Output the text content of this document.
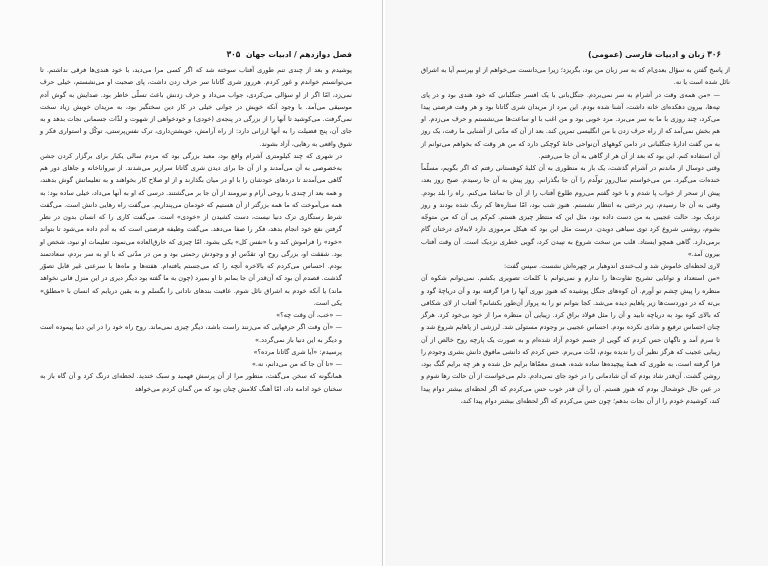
فصل دوازدهم / ادبیات جهان ۳۰۵

پوشیدم و بعد از چندی تنم طوری آفتاب سوخته شد که اگر کسی مرا می‌دید، با خود هندی‌ها فرقی نداشتم. تا می‌توانستم خواندم و غور کردم. هرروز شری گاتانا سر حرف زدن داشت، پای صحبت او می‌نشستم، خیلی حرف نمی‌زد، امّا اگر از او سؤالی می‌کردی، جواب می‌داد و حرف زدنش باعث تسلّی خاطر بود. صدایش به گوش آدم موسیقی می‌آمد. با وجود آنکه خویش در جوانی خیلی در کار دین سختگیر بود، به مریدان خویش زیاد سخت نمی‌گرفت. می‌کوشید تا آنها را از بزرگی در پنجه‌ی (خودی) و خودخواهی از شهوت و لذّات جسمانی نجات بدهد و به جای آن، پنج فضیلت را به آنها ارزانی دارد: از راه آرامش، خویشتن‌داری، ترک نفس‌پرستی، توکّل و استواری فکر و شوق واقعی به رهایی، آزاد بشوند.

در شهری که چند کیلومتری آشرام واقع بود، معبد بزرگی بود که مردم سالی یکبار برای برگزار کردن جشن به‌خصوصی به آن می‌آمدند و از آن جا برای دیدن شری گاتانا سرازیر می‌شدند. از نیروانا‌خانه و جاهای دور هم گاهی می‌آمدند تا دردهای خودشان را با او در میان بگذارند و از او صلاح کار بخواهند و به تعلیماتش گوش بدهند، و همه بعد از چندی با روحی آرام و نیرومند از آن جا بر می‌گشتند. درسی که او به آنها می‌داد، خیلی ساده بود: به همه می‌آموخت که ما همه بزرگتر از آن هستیم که خودمان می‌پنداریم. می‌گفت راه رهایی دانش است. می‌گفت شرط رستگاری ترک دنیا نیست، دست کشیدن از «خودی» است. می‌گفت کاری را که انسان بدون در نظر گرفتن نفع خود انجام بدهد، فکر را صفا می‌دهد. می‌گفت وظیفه فرصتی است که به آدم داده می‌شود تا بتواند «خود» را فراموش کند و با «نفس کل» یکی بشود. امّا چیزی که خارق‌العاده می‌نمود، تعلیمات او نبود، شخص او بود. شفقت او، بزرگی روح او، تقدّس او و وجودش رحمتی بود و من در مدّتی که با او به سر بردم، سعادتمند بودم. احساس می‌کردم که بالاخره آنچه را که می‌جستم یافته‌ام. هفته‌ها و ماه‌ها با سرعتی غیر قابل تصوّر گذشت. قصدم آن بود که آن‌قدر آن جا بمانم تا او بمیرد (چون به ما گفته بود دیگر دیری در این منزل فانی نخواهد ماند) یا آنکه خودم به اشراق نائل شوم. عاقبت بندهای نادانی را بگسلم و به یقین دریابم که انسان با «مطلق» یکی است.

— «خب، آن وقت چه؟»

— «آن وقت اگر حرفهایی که می‌زنند راست باشد، دیگر چیزی نمی‌ماند. روح راه خود را در این دنیا پیموده است و دیگر به این دنیا باز نمی‌گردد.»

پرسیدم: «آیا شری گاتانا مرده؟»

— «تا آن جا که من می‌دانم، نه.»

همانگونه که سخن می‌گفت، منظور مرا از آن پرسش فهمید و سبک خندید. لحظه‌ای درنگ کرد و آن گاه باز به سخنان خود ادامه داد، امّا آهنگ کلامش چنان بود که من گمان کردم می‌خواهد

۳۰۶ زبان و ادبیات فارسی (عمومی)

از پاسخ گفتن به سؤال بعدی‌ام که به سر زبان من بود، بگریزد؛ زیرا می‌دانست می‌خواهم از او بپرسم آیا به اشراق نائل شده است یا نه.

— «من همه‌ی وقت در آشرام به سر نمی‌بردم. جنگل‌بانی با یک افسر جنگلبانی که خود هندی بود و در پای تپه‌ها، بیرون دهکده‌ای خانه داشت، آشنا شده بودم. این مرد از مریدان شری گاتانا بود و هر وقت فرصتی پیدا می‌کرد، چند روزی با ما به سر می‌برد. مرد خوبی بود و من اغب با او ساعت‌ها می‌نشستم و حرف می‌زدم. او هم بخش نمی‌آمد که از راه حرف زدن با من انگلیسی تمرین کند. بعد از آن که مدّتی از آشنایی ما رفت، یک روز به من گفت ادارهٔ جنگلبانی در دامن کوههای آن‌نواحی خانهٔ کوچکی دارد که من هر وقت که بخواهم می‌توانم از آن استفاده کنم. این بود که بعد از آن هر از گاهی به آن جا می‌رفتم.

وقتی دوسال از ماندنم در آشرام گذشت، یک بار به منظوری به آن کلبهٔ کوهستانی رفتم که اگر بگویم، مسلّماً خنده‌ات می‌گیرد. من می‌خواستم سال‌روز تولّدم را آن جا بگذرانم. روز پیش به آن جا رسیدم. صبح روز بعد، پیش از سحر از خواب پا شدم و با خود گفتم می‌روم طلوع آفتاب را از آن جا تماشا می‌کنم. راه را بلد بودم. وقتی به آن جا رسیدم، زیر درختی به انتظار نشستم. هنوز شب بود، امّا ستاره‌ها کم رنگ شده بودند و روز نزدیک بود. حالت عجیبی به من دست داده بود، مثل این که منتظر چیزی هستم. کم‌کم پی آن که من متوجّه بشوم، روشنی شروع کرد توی سیاهی دویدن. درست مثل این بود که هیکل مرموزی دارد لابه‌لای درختان گام برمی‌دارد. گاهی همچو ایستاد. قلب من سخت شروع به تپیدن کرد، گویی خطری نزدیک است. آن وقت آفتاب بیرون آمد.»

لاری لحظه‌ای خاموش شد و لب‌خندی اندوهبار بر چهره‌اش نشست. سپس گفت:

«من استعداد و توانایی تشریح تفاوت‌ها را ندارم و نمی‌توانم با کلمات تصویری بکشم. نمی‌توانم شکوه آن منظره را پیش چشم تو آورم. آن کوه‌های جنگل پوشیده که هنوز نوری آنها را فرا گرفته بود و آن دریاچهٔ گود و بی‌ته که در دوردست‌ها زیر پاهایم دیده می‌شد. کجا بتوانم تو را به پرواز آن‌طور بکشانم؟ آفتاب از لای شکافی که بالای کوه بود به دریاچه تابید و آن را مثل فولاد براق کرد. زیبایی آن منظره مرا از خود بی‌خود کرد. هرگز چنان احساس ترفیع و شادی نکرده بودم. احساس عجیبی بر وجودم مستولی شد. لرزشی از پاهایم شروع شد و تا سرم آمد و ناگهان حس کردم که گویی از جسم خودم آزاد شده‌ام و به صورت یک پارچه روح خالص از آن زیبایی عجیب که هرگز نظیر آن را ندیده بودم، لذّت می‌برم. حس کردم که دانشی مافوق دانش بشری وجودم را فرا گرفته است، به طوری که همهٔ پیچیده‌ها ساده شده، همه‌ی معمّاها برایم حل شده و هر چه برایم گنگ بود، روشن گشت. آن‌قدر شاد بودم که آن شادمانی را در خود جای نمی‌دادم. دلم می‌خواست از آن حالت رها شوم و در عین حال خوشحال بودم که هنوز هستم. آن را آن قدر خوب حس می‌کردم که اگر لحظه‌ای بیشتر دوام پیدا کند، کوشیدم خودم را از آن نجات بدهم؛ چون حس می‌کردم که اگر لحظه‌ای بیشتر دوام پیدا کند،
